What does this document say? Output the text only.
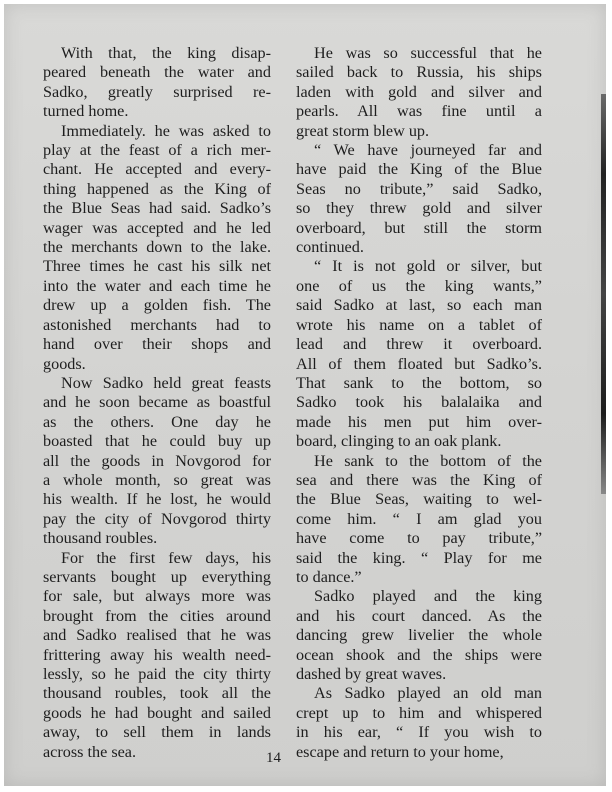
With that, the king disap-
peared beneath the water and
Sadko, greatly surprised re-
turned home.
Immediately. he was asked to
play at the feast of a rich mer-
chant. He accepted and every-
thing happened as the King of
the Blue Seas had said. Sadko’s
wager was accepted and he led
the merchants down to the lake.
Three times he cast his silk net
into the water and each time he
drew up a golden fish. The
astonished merchants had to
hand over their shops and
goods.
Now Sadko held great feasts
and he soon became as boastful
as the others. One day he
boasted that he could buy up
all the goods in Novgorod for
a whole month, so great was
his wealth. If he lost, he would
pay the city of Novgorod thirty
thousand roubles.
For the first few days, his
servants bought up everything
for sale, but always more was
brought from the cities around
and Sadko realised that he was
frittering away his wealth need-
lessly, so he paid the city thirty
thousand roubles, took all the
goods he had bought and sailed
away, to sell them in lands
across the sea.
He was so successful that he
sailed back to Russia, his ships
laden with gold and silver and
pearls. All was fine until a
great storm blew up.
“ We have journeyed far and
have paid the King of the Blue
Seas no tribute,” said Sadko,
so they threw gold and silver
overboard, but still the storm
continued.
“ It is not gold or silver, but
one of us the king wants,”
said Sadko at last, so each man
wrote his name on a tablet of
lead and threw it overboard.
All of them floated but Sadko’s.
That sank to the bottom, so
Sadko took his balalaika and
made his men put him over-
board, clinging to an oak plank.
He sank to the bottom of the
sea and there was the King of
the Blue Seas, waiting to wel-
come him. “ I am glad you
have come to pay tribute,”
said the king. “ Play for me
to dance.”
Sadko played and the king
and his court danced. As the
dancing grew livelier the whole
ocean shook and the ships were
dashed by great waves.
As Sadko played an old man
crept up to him and whispered
in his ear, “ If you wish to
escape and return to your home,
14
